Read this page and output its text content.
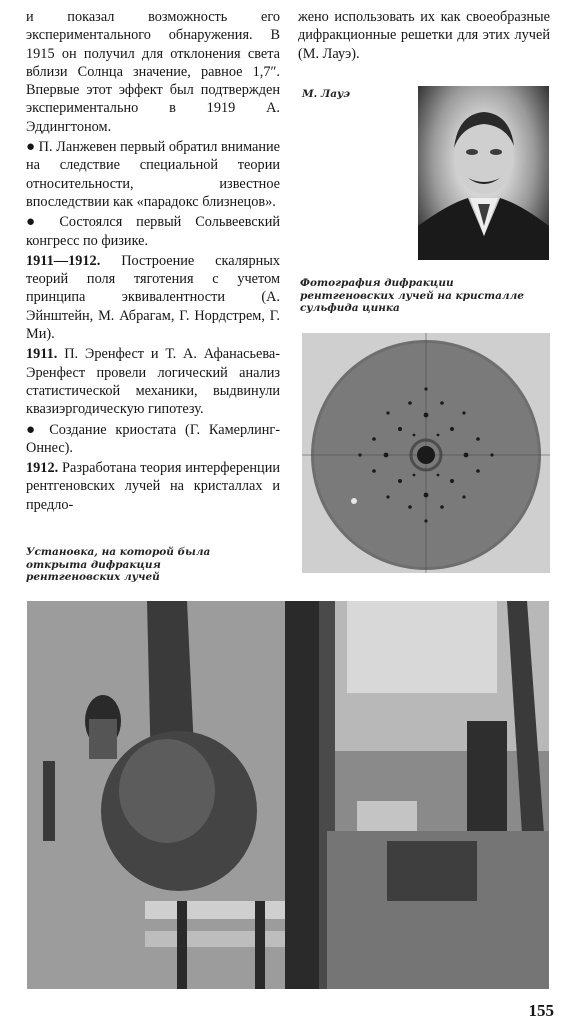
и показал возможность его экспериментального обнаружения. В 1915 он получил для отклонения света вблизи Солнца значение, равное 1,7″. Впервые этот эффект был подтвержден экспериментально в 1919 А. Эддингтоном.

● П. Ланжевен первый обратил внимание на следствие специальной теории относительности, известное впоследствии как «парадокс близнецов».

● Состоялся первый Сольвеевский конгресс по физике.

1911—1912. Построение скалярных теорий поля тяготения с учетом принципа эквивалентности (А. Эйнштейн, М. Абрагам, Г. Нордстрем, Г. Ми).

1911. П. Эренфест и Т. А. Афанасьева-Эренфест провели логический анализ статистической механики, выдвинули квазиэргодическую гипотезу.

● Создание криостата (Г. Камерлинг-Оннес).

1912. Разработана теория интерференции рентгеновских лучей на кристаллах и предло-

жено использовать их как своеобразные дифракционные решетки для этих лучей (М. Лауэ).
М. Лауэ
Фотография дифракции рентгеновских лучей на кристалле сульфида цинка
Установка, на которой была открыта дифракция рентгеновских лучей
155
